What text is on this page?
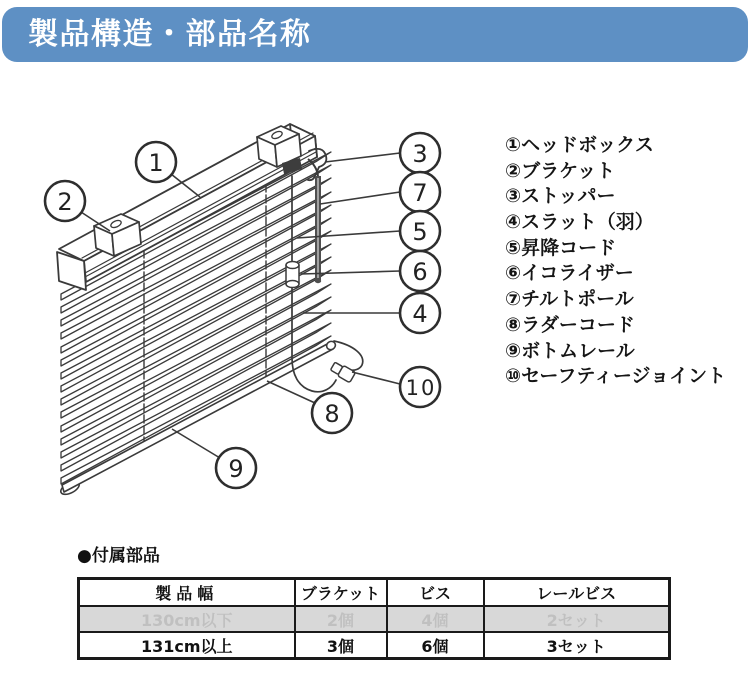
製品構造・部品名称
1
2
3
7
5
6
4
10
8
9
①ヘッドボックス
②ブラケット
③ストッパー
④スラット（羽）
⑤昇降コード
⑥イコライザー
⑦チルトポール
⑧ラダーコード
⑨ボトムレール
⑩セーフティージョイント
●付属部品
製品幅	ブラケット	ビス	レールビス
130cm以下	2個	4個	2セット
131cm以上	3個	6個	3セット
